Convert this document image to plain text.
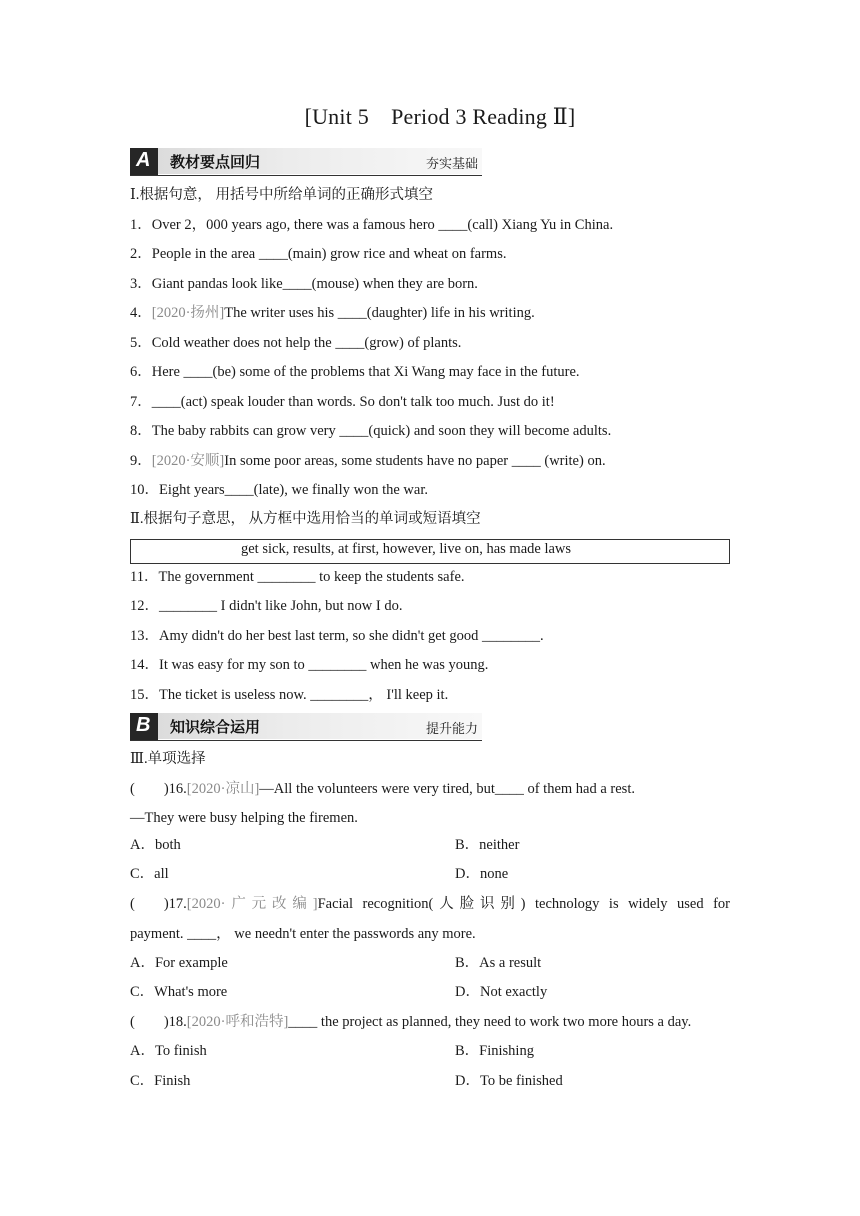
[Unit 5 Period 3 Reading Ⅱ]
A 教材要点回归	夯实基础
Ⅰ.根据句意， 用括号中所给单词的正确形式填空
1．Over 2，000 years ago, there was a famous hero ____(call) Xiang Yu in China.
2．People in the area ____(main) grow rice and wheat on farms.
3．Giant pandas look like____(mouse) when they are born.
4．[2020·扬州]The writer uses his ____(daughter) life in his writing.
5．Cold weather does not help the ____(grow) of plants.
6．Here ____(be) some of the problems that Xi Wang may face in the future.
7．____(act) speak louder than words. So don't talk too much. Just do it!
8．The baby rabbits can grow very ____(quick) and soon they will become adults.
9．[2020·安顺]In some poor areas, some students have no paper ____ (write) on.
10．Eight years____(late), we finally won the war.
Ⅱ.根据句子意思， 从方框中选用恰当的单词或短语填空
get sick, results, at first, however, live on, has made laws
11．The government ________ to keep the students safe.
12．________ I didn't like John, but now I do.
13．Amy didn't do her best last term, so she didn't get good ________.
14．It was easy for my son to ________ when he was young.
15．The ticket is useless now. ________， I'll keep it.
B 知识综合运用	提升能力
Ⅲ.单项选择
(  )16.[2020·凉山]—All the volunteers were very tired, but____ of them had a rest.
—They were busy helping the firemen.
A．both	B．neither
C．all	D．none
(  )17.[2020·广元改编]Facial recognition(人脸识别) technology is widely used for
payment. ____， we needn't enter the passwords any more.
A．For example	B．As a result
C．What's more	D．Not exactly
(  )18.[2020·呼和浩特]____ the project as planned, they need to work two more hours a day.
A．To finish	B．Finishing
C．Finish	D．To be finished
